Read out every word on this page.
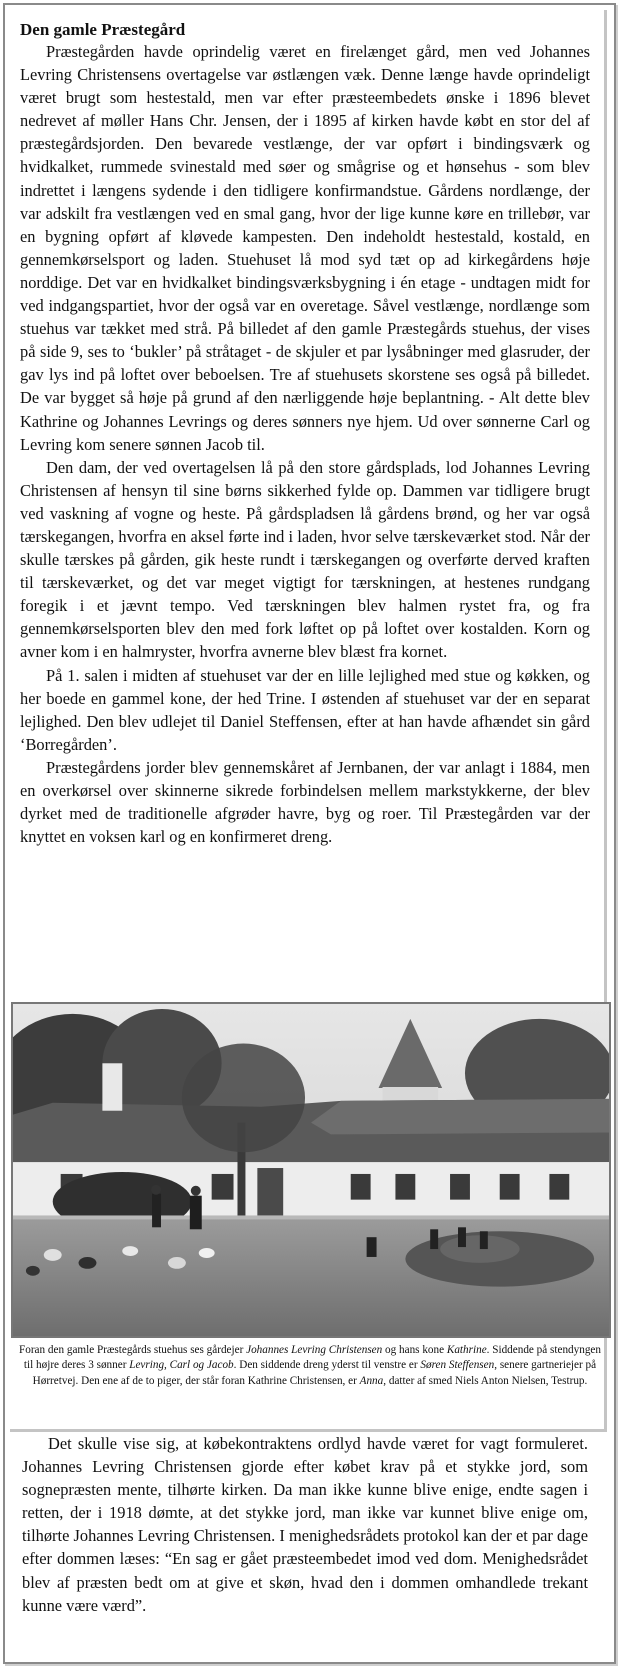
Den gamle Præstegård

Præstegården havde oprindelig været en firelænget gård, men ved Johannes Levring Christensens overtagelse var østlængen væk. Denne længe havde oprindeligt været brugt som hestestald, men var efter præsteembedets ønske i 1896 blevet nedrevet af møller Hans Chr. Jensen, der i 1895 af kirken havde købt en stor del af præstegårdsjorden. Den bevarede vestlænge, der var opført i bindingsværk og hvidkalket, rummede svinestald med søer og smågrise og et hønsehus - som blev indrettet i længens sydende i den tidligere konfirmandstue. Gårdens nordlænge, der var adskilt fra vestlængen ved en smal gang, hvor der lige kunne køre en trillebør, var en bygning opført af kløvede kampesten. Den indeholdt hestestald, kostald, en gennemkørselsport og laden. Stuehuset lå mod syd tæt op ad kirkegårdens høje norddige. Det var en hvidkalket bindingsværksbygning i én etage - undtagen midt for ved indgangspartiet, hvor der også var en overetage. Såvel vestlænge, nordlænge som stuehus var tækket med strå. På billedet af den gamle Præstegårds stuehus, der vises på side 9, ses to ‘bukler’ på stråtaget - de skjuler et par lysåbninger med glasruder, der gav lys ind på loftet over beboelsen. Tre af stuehusets skorstene ses også på billedet. De var bygget så høje på grund af den nærliggende høje beplantning. - Alt dette blev Kathrine og Johannes Levrings og deres sønners nye hjem. Ud over sønnerne Carl og Levring kom senere sønnen Jacob til.

Den dam, der ved overtagelsen lå på den store gårdsplads, lod Johannes Levring Christensen af hensyn til sine børns sikkerhed fylde op. Dammen var tidligere brugt ved vaskning af vogne og heste. På gårdspladsen lå gårdens brønd, og her var også tærskegangen, hvorfra en aksel førte ind i laden, hvor selve tærskeværket stod. Når der skulle tærskes på gården, gik heste rundt i tærskegangen og overførte derved kraften til tærskeværket, og det var meget vigtigt for tærskningen, at hestenes rundgang foregik i et jævnt tempo. Ved tærskningen blev halmen rystet fra, og fra gennemkørselsporten blev den med fork løftet op på loftet over kostalden. Korn og avner kom i en halmryster, hvorfra avnerne blev blæst fra kornet.

På 1. salen i midten af stuehuset var der en lille lejlighed med stue og køkken, og her boede en gammel kone, der hed Trine. I østenden af stuehuset var der en separat lejlighed. Den blev udlejet til Daniel Steffensen, efter at han havde afhændet sin gård ‘Borregården’.

Præstegårdens jorder blev gennemskåret af Jernbanen, der var anlagt i 1884, men en overkørsel over skinnerne sikrede forbindelsen mellem markstykkerne, der blev dyrket med de traditionelle afgrøder havre, byg og roer. Til Præstegården var der knyttet en voksen karl og en konfirmeret dreng.

Foran den gamle Præstegårds stuehus ses gårdejer Johannes Levring Christensen og hans kone Kathrine. Siddende på stendyngen til højre deres 3 sønner Levring, Carl og Jacob. Den siddende dreng yderst til venstre er Søren Steffensen, senere gartneriejer på Hørretvej. Den ene af de to piger, der står foran Kathrine Christensen, er Anna, datter af smed Niels Anton Nielsen, Testrup.

Det skulle vise sig, at købekontraktens ordlyd havde været for vagt formuleret. Johannes Levring Christensen gjorde efter købet krav på et stykke jord, som sognepræsten mente, tilhørte kirken. Da man ikke kunne blive enige, endte sagen i retten, der i 1918 dømte, at det stykke jord, man ikke var kunnet blive enige om, tilhørte Johannes Levring Christensen. I menighedsrådets protokol kan der et par dage efter dommen læses: “En sag er gået præsteembedet imod ved dom. Menighedsrådet blev af præsten bedt om at give et skøn, hvad den i dommen omhandlede trekant kunne være værd”.
